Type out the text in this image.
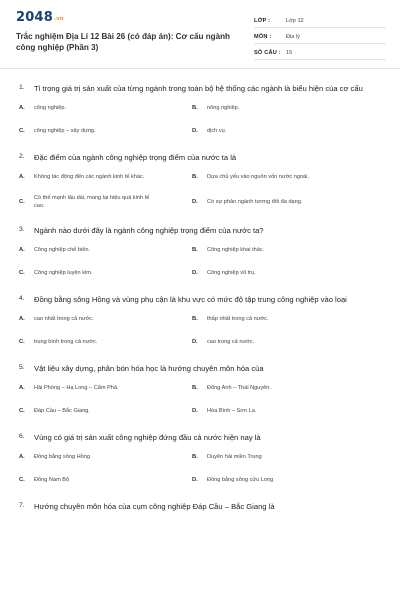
2048.vn
Trắc nghiệm Địa Lí 12 Bài 26 (có đáp án): Cơ cấu ngành công nghiệp (Phần 3)
LỚP :	Lớp 12
MÔN :	Địa lý
SỐ CÂU : 15
1.	Tỉ trọng giá trị sản xuất của từng ngành trong toàn bộ hệ thống các ngành là biểu hiện của cơ cấu
A.	công nghiệp.	B.	nông nghiệp.
C.	công nghiệp – xây dựng.	D.	dịch vụ.
2.	Đặc điểm của ngành công nghiệp trọng điểm của nước ta là
A.	Không tác động đến các ngành kinh tế khác.	B.	Dựa chủ yếu vào nguồn vốn nước ngoài.
C.
Có thế mạnh lâu dài, mang lại hiệu quả kinh tế cao.
D.	Có sự phân ngành tương đối đa dạng.
3.	Ngành nào dưới đây là ngành công nghiệp trọng điểm của nước ta?
A.	Công nghiệp chế biến.	B.	Công nghiệp khai thác.
C.	Công nghiệp luyện kim.	D.	Công nghiệp vũ trụ.
4.	Đồng bằng sông Hồng và vùng phụ cận là khu vực có mức độ tập trung công nghiệp vào loại
A.	cao nhất trong cả nước.	B.	thấp nhất trong cả nước.
C.	trung bình trong cả nước.	D.	cao trong cả nước.
5.	Vật liệu xây dựng, phân bón hóa học là hướng chuyên môn hóa của
A.	Hải Phòng – Hạ Long – Cẩm Phả.	B.	Đông Anh – Thái Nguyên.
C.	Đáp Cầu – Bắc Giang.	D.	Hòa Bình – Sơn La.
6.	Vùng có giá trị sản xuất công nghiệp đứng đầu cả nước hiện nay là
A.	Đồng bằng sông Hồng	B.	Duyên hải miền Trung
C.	Đông Nam Bộ	D.	Đồng bằng sông cửu Long
7.	Hướng chuyên môn hóa của cụm công nghiệp Đáp Cầu – Bắc Giang là
